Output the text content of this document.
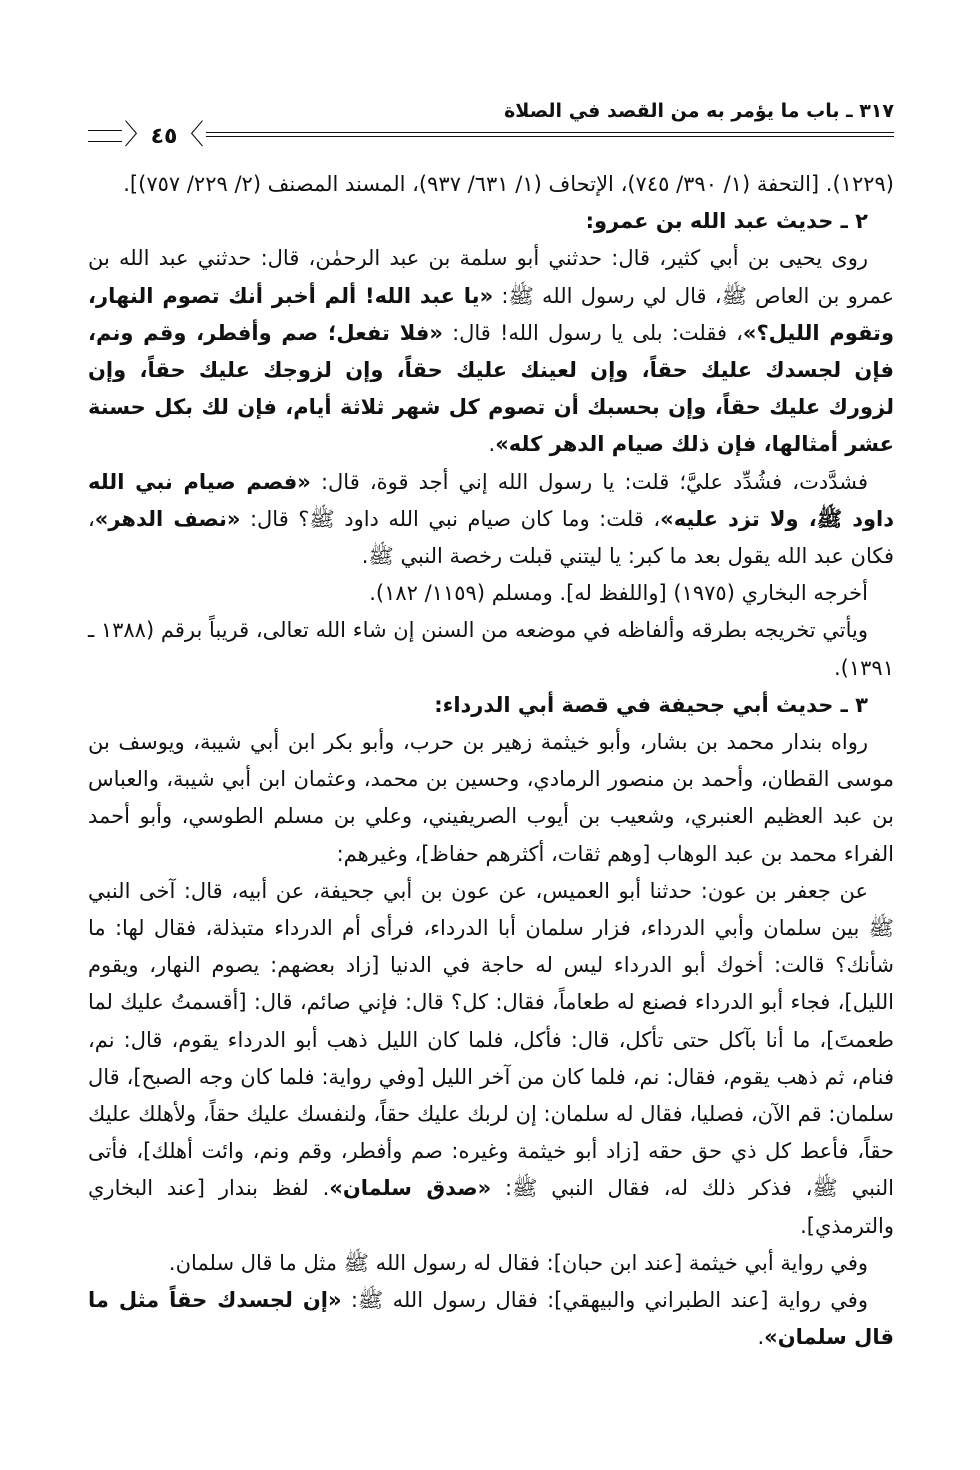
٣١٧ ـ باب ما يؤمر به من القصد في الصلاة
〈 ٤٥
〉

(١٢٢٩). [التحفة (١/ ٣٩٠/ ٧٤٥)، الإتحاف (١/ ٦٣١/ ٩٣٧)، المسند المصنف (٢/ ٢٢٩/ ٧٥٧)].

٢ ـ حديث عبد الله بن عمرو:

روى يحيى بن أبي كثير، قال: حدثني أبو سلمة بن عبد الرحمٰن، قال: حدثني عبد الله بن عمرو بن العاص ﷺ، قال لي رسول الله ﷺ: «يا عبد الله! ألم أخبر أنك تصوم النهار، وتقوم الليل؟»، فقلت: بلى يا رسول الله! قال: «فلا تفعل؛ صم وأفطر، وقم ونم، فإن لجسدك عليك حقاً، وإن لعينك عليك حقاً، وإن لزوجك عليك حقاً، وإن لزورك عليك حقاً، وإن بحسبك أن تصوم كل شهر ثلاثة أيام، فإن لك بكل حسنة عشر أمثالها، فإن ذلك صيام الدهر كله».

فشدَّدت، فشُدِّد عليَّ؛ قلت: يا رسول الله إني أجد قوة، قال: «فصم صيام نبي الله داود ﷺ، ولا تزد عليه»، قلت: وما كان صيام نبي الله داود ﷺ؟ قال: «نصف الدهر»، فكان عبد الله يقول بعد ما كبر: يا ليتني قبلت رخصة النبي ﷺ.

أخرجه البخاري (١٩٧٥) [واللفظ له]. ومسلم (١١٥٩/ ١٨٢).

ويأتي تخريجه بطرقه وألفاظه في موضعه من السنن إن شاء الله تعالى، قريباً برقم (١٣٨٨ ـ ١٣٩١).

٣ ـ حديث أبي جحيفة في قصة أبي الدرداء:

رواه بندار محمد بن بشار، وأبو خيثمة زهير بن حرب، وأبو بكر ابن أبي شيبة، ويوسف بن موسى القطان، وأحمد بن منصور الرمادي، وحسين بن محمد، وعثمان ابن أبي شيبة، والعباس بن عبد العظيم العنبري، وشعيب بن أيوب الصريفيني، وعلي بن مسلم الطوسي، وأبو أحمد الفراء محمد بن عبد الوهاب [وهم ثقات، أكثرهم حفاظ]، وغيرهم:

عن جعفر بن عون: حدثنا أبو العميس، عن عون بن أبي جحيفة، عن أبيه، قال: آخى النبي ﷺ بين سلمان وأبي الدرداء، فزار سلمان أبا الدرداء، فرأى أم الدرداء متبذلة، فقال لها: ما شأنك؟ قالت: أخوك أبو الدرداء ليس له حاجة في الدنيا [زاد بعضهم: يصوم النهار، ويقوم الليل]، فجاء أبو الدرداء فصنع له طعاماً، فقال: كل؟ قال: فإني صائم، قال: [أقسمتُ عليك لما طعمتَ]، ما أنا بآكل حتى تأكل، قال: فأكل، فلما كان الليل ذهب أبو الدرداء يقوم، قال: نم، فنام، ثم ذهب يقوم، فقال: نم، فلما كان من آخر الليل [وفي رواية: فلما كان وجه الصبح]، قال سلمان: قم الآن، فصليا، فقال له سلمان: إن لربك عليك حقاً، ولنفسك عليك حقاً، ولأهلك عليك حقاً، فأعط كل ذي حق حقه [زاد أبو خيثمة وغيره: صم وأفطر، وقم ونم، وائت أهلك]، فأتى النبي ﷺ، فذكر ذلك له، فقال النبي ﷺ: «صدق سلمان». لفظ بندار [عند البخاري والترمذي].

وفي رواية أبي خيثمة [عند ابن حبان]: فقال له رسول الله ﷺ مثل ما قال سلمان.

وفي رواية [عند الطبراني والبيهقي]: فقال رسول الله ﷺ: «إن لجسدك حقاً مثل ما قال سلمان».
